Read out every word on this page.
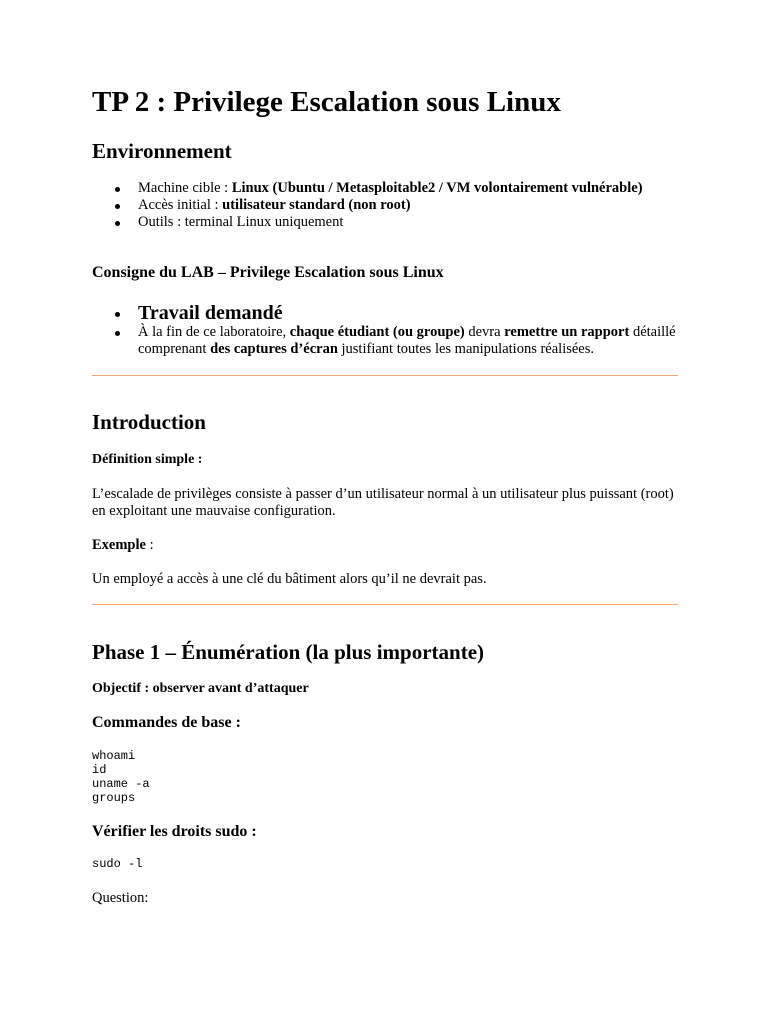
TP 2 : Privilege Escalation sous Linux
Environnement
Machine cible : Linux (Ubuntu / Metasploitable2 / VM volontairement vulnérable)
Accès initial : utilisateur standard (non root)
Outils : terminal Linux uniquement
Consigne du LAB – Privilege Escalation sous Linux
Travail demandé
À la fin de ce laboratoire, chaque étudiant (ou groupe) devra remettre un rapport détaillé comprenant des captures d’écran justifiant toutes les manipulations réalisées.
Introduction

Définition simple :

L’escalade de privilèges consiste à passer d’un utilisateur normal à un utilisateur plus puissant (root) en exploitant une mauvaise configuration.

Exemple :

Un employé a accès à une clé du bâtiment alors qu’il ne devrait pas.

Phase 1 – Énumération (la plus importante)

Objectif : observer avant d’attaquer

Commandes de base :
whoami
id
uname -a
groups
Vérifier les droits sudo :
sudo -l

Question:
